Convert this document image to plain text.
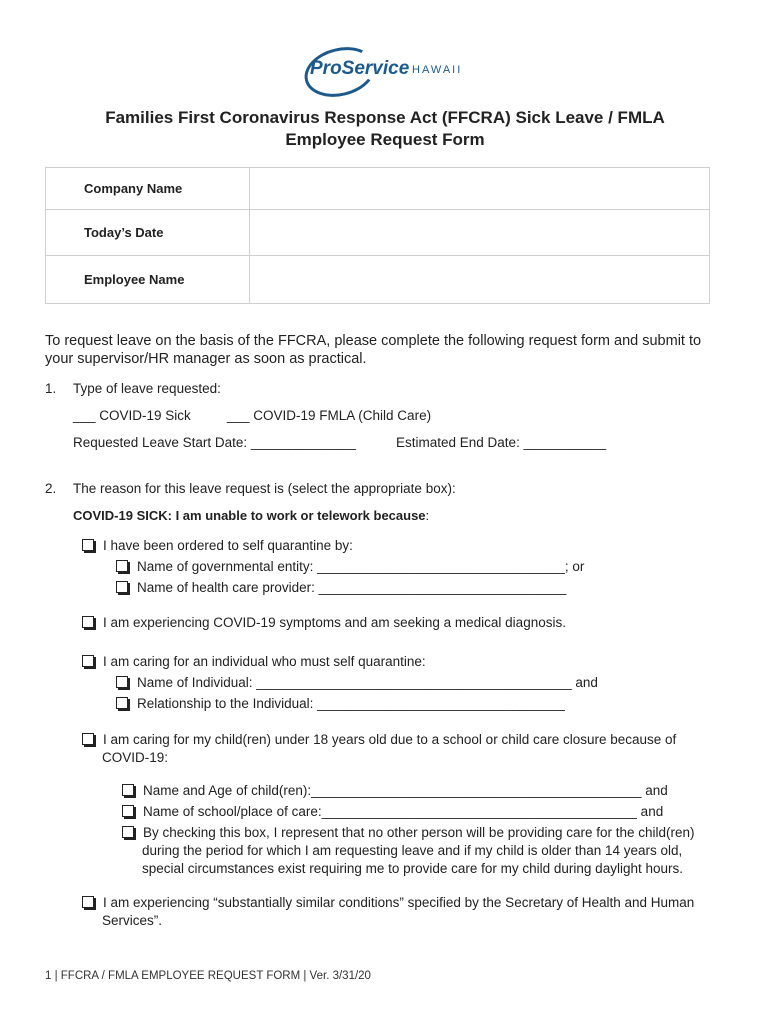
ProService HAWAII
Families First Coronavirus Response Act (FFCRA) Sick Leave / FMLA
Employee Request Form
Company Name	
Today’s Date	
Employee Name	
To request leave on the basis of the FFCRA, please complete the following request form and submit to
your supervisor/HR manager as soon as practical.
1. Type of leave requested:
___ COVID-19 Sick	___ COVID-19 FMLA (Child Care)
Requested Leave Start Date: ______________	Estimated End Date: ___________
2. The reason for this leave request is (select the appropriate box):
COVID-19 SICK: I am unable to work or telework because:
I have been ordered to self quarantine by:
Name of governmental entity: _________________________________; or
Name of health care provider: _________________________________
I am experiencing COVID-19 symptoms and am seeking a medical diagnosis.
I am caring for an individual who must self quarantine:
Name of Individual: __________________________________________ and
Relationship to the Individual: _________________________________
I am caring for my child(ren) under 18 years old due to a school or child care closure because of
COVID-19:
Name and Age of child(ren):____________________________________________ and
Name of school/place of care:__________________________________________ and
By checking this box, I represent that no other person will be providing care for the child(ren)
during the period for which I am requesting leave and if my child is older than 14 years old,
special circumstances exist requiring me to provide care for my child during daylight hours.
I am experiencing “substantially similar conditions” specified by the Secretary of Health and Human
Services”.
1 | FFCRA / FMLA EMPLOYEE REQUEST FORM | Ver. 3/31/20
